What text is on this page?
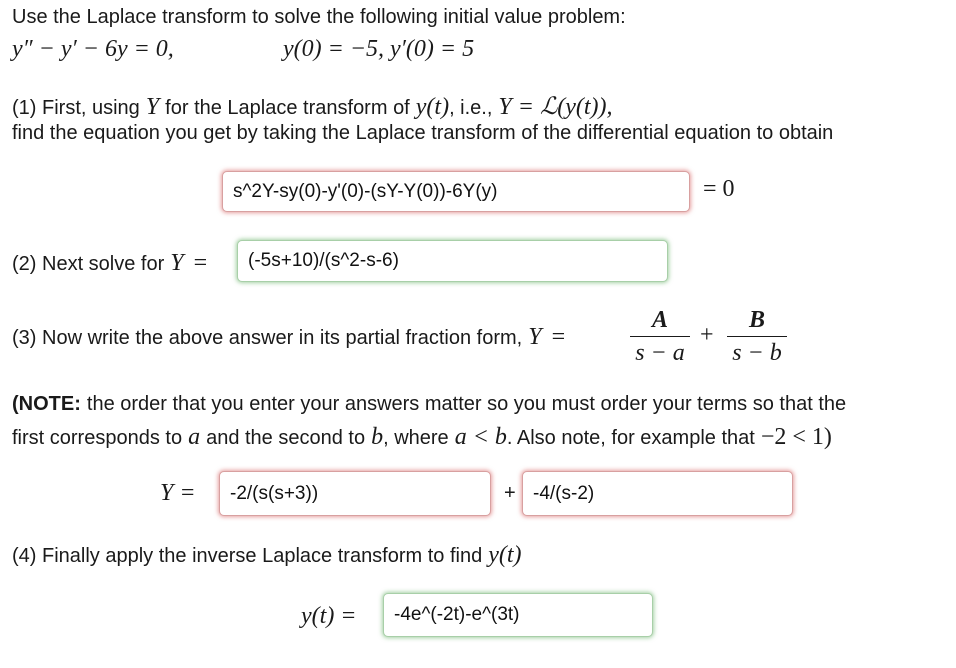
Use the Laplace transform to solve the following initial value problem:
y″ − y′ − 6y = 0,	y(0) = −5, y′(0) = 5
(1) First, using Y for the Laplace transform of y(t) , i.e., Y = ℒ(y(t)),
find the equation you get by taking the Laplace transform of the differential equation to obtain
s^2Y-sy(0)-y'(0)-(sY-Y(0))-6Y(y)	= 0
(2) Next solve for Y = (-5s+10)/(s^2-s-6)
(3) Now write the above answer in its partial fraction form, Y =
A
s − a
+
B
s − b
(NOTE: the order that you enter your answers matter so you must order your terms so that the
first corresponds to a and the second to b , where a < b . Also note, for example that −2 < 1)
Y = -2/(s(s+3))	+ -4/(s-2)
(4) Finally apply the inverse Laplace transform to find y(t)
y(t) = -4e^(-2t)-e^(3t)
